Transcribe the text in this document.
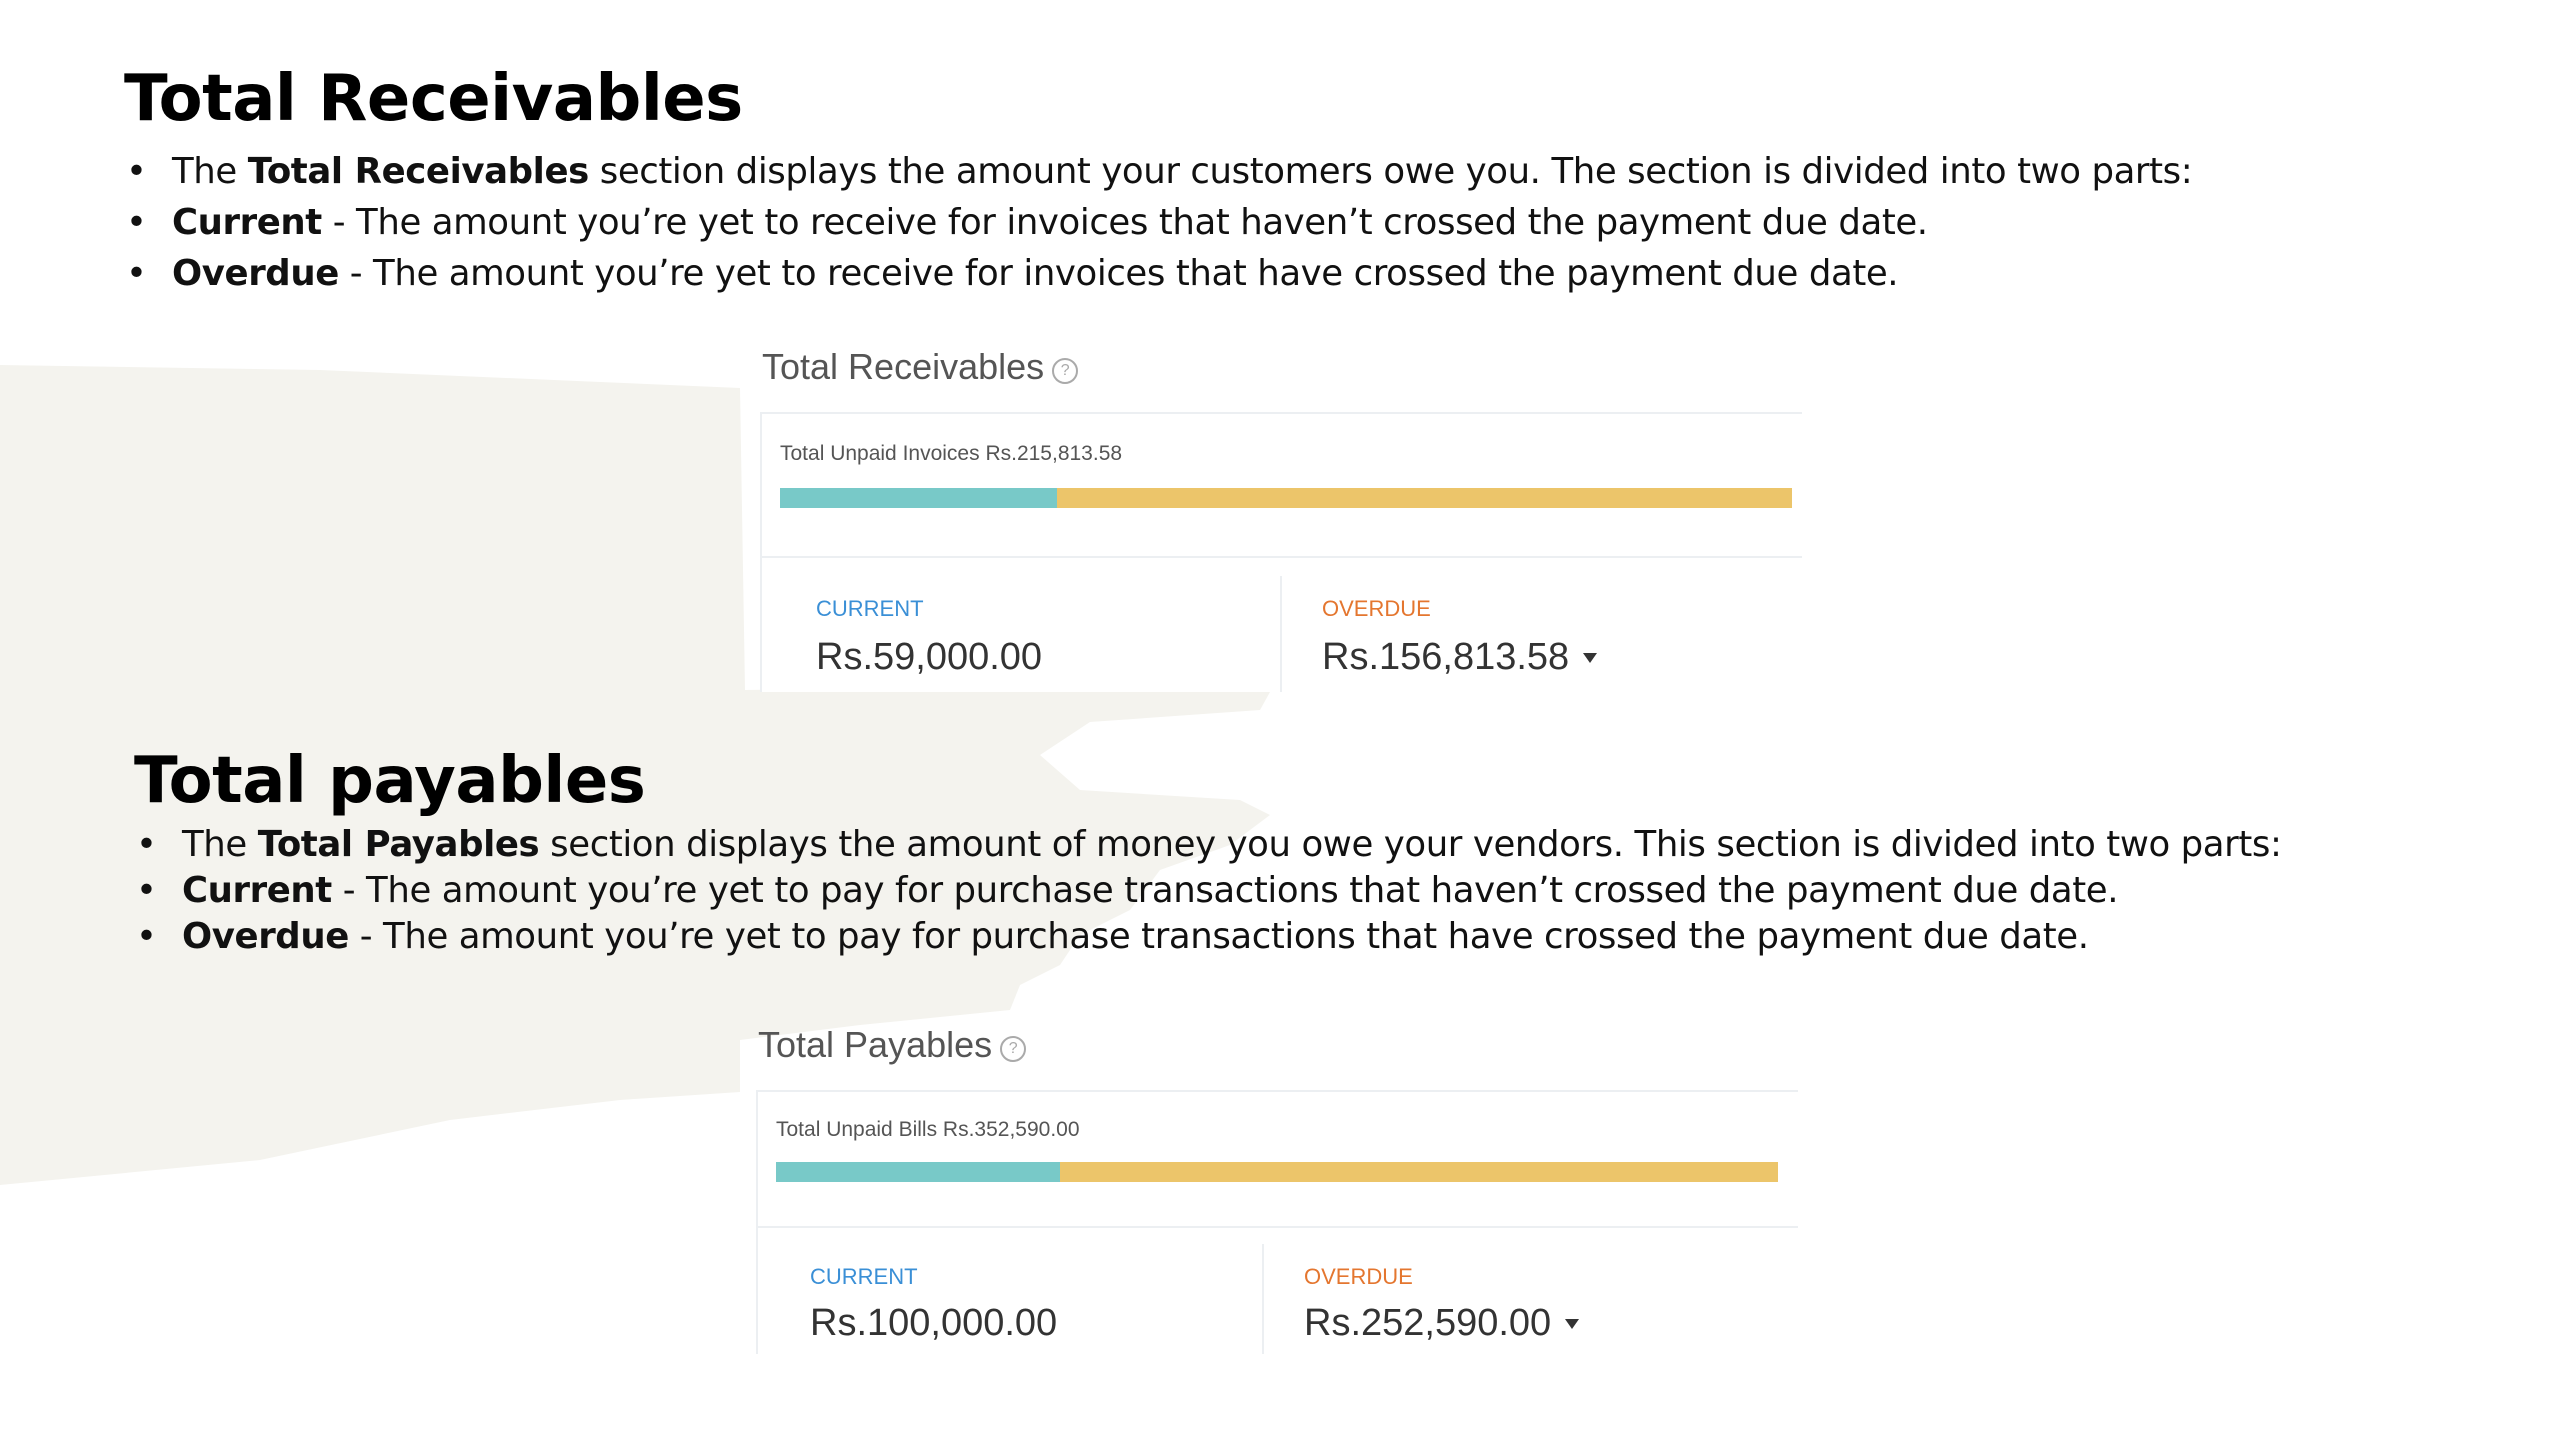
Total Receivables
• The Total Receivables section displays the amount your customers owe you. The section is divided into two parts:
• Current - The amount you’re yet to receive for invoices that haven’t crossed the payment due date.
• Overdue - The amount you’re yet to receive for invoices that have crossed the payment due date.
Total Receivables ?
Total Unpaid Invoices Rs.215,813.58
CURRENT
Rs.59,000.00
OVERDUE
Rs.156,813.58
Total payables
• The Total Payables section displays the amount of money you owe your vendors. This section is divided into two parts:
• Current - The amount you’re yet to pay for purchase transactions that haven’t crossed the payment due date.
• Overdue - The amount you’re yet to pay for purchase transactions that have crossed the payment due date.
Total Payables ?
Total Unpaid Bills Rs.352,590.00
CURRENT
Rs.100,000.00
OVERDUE
Rs.252,590.00
